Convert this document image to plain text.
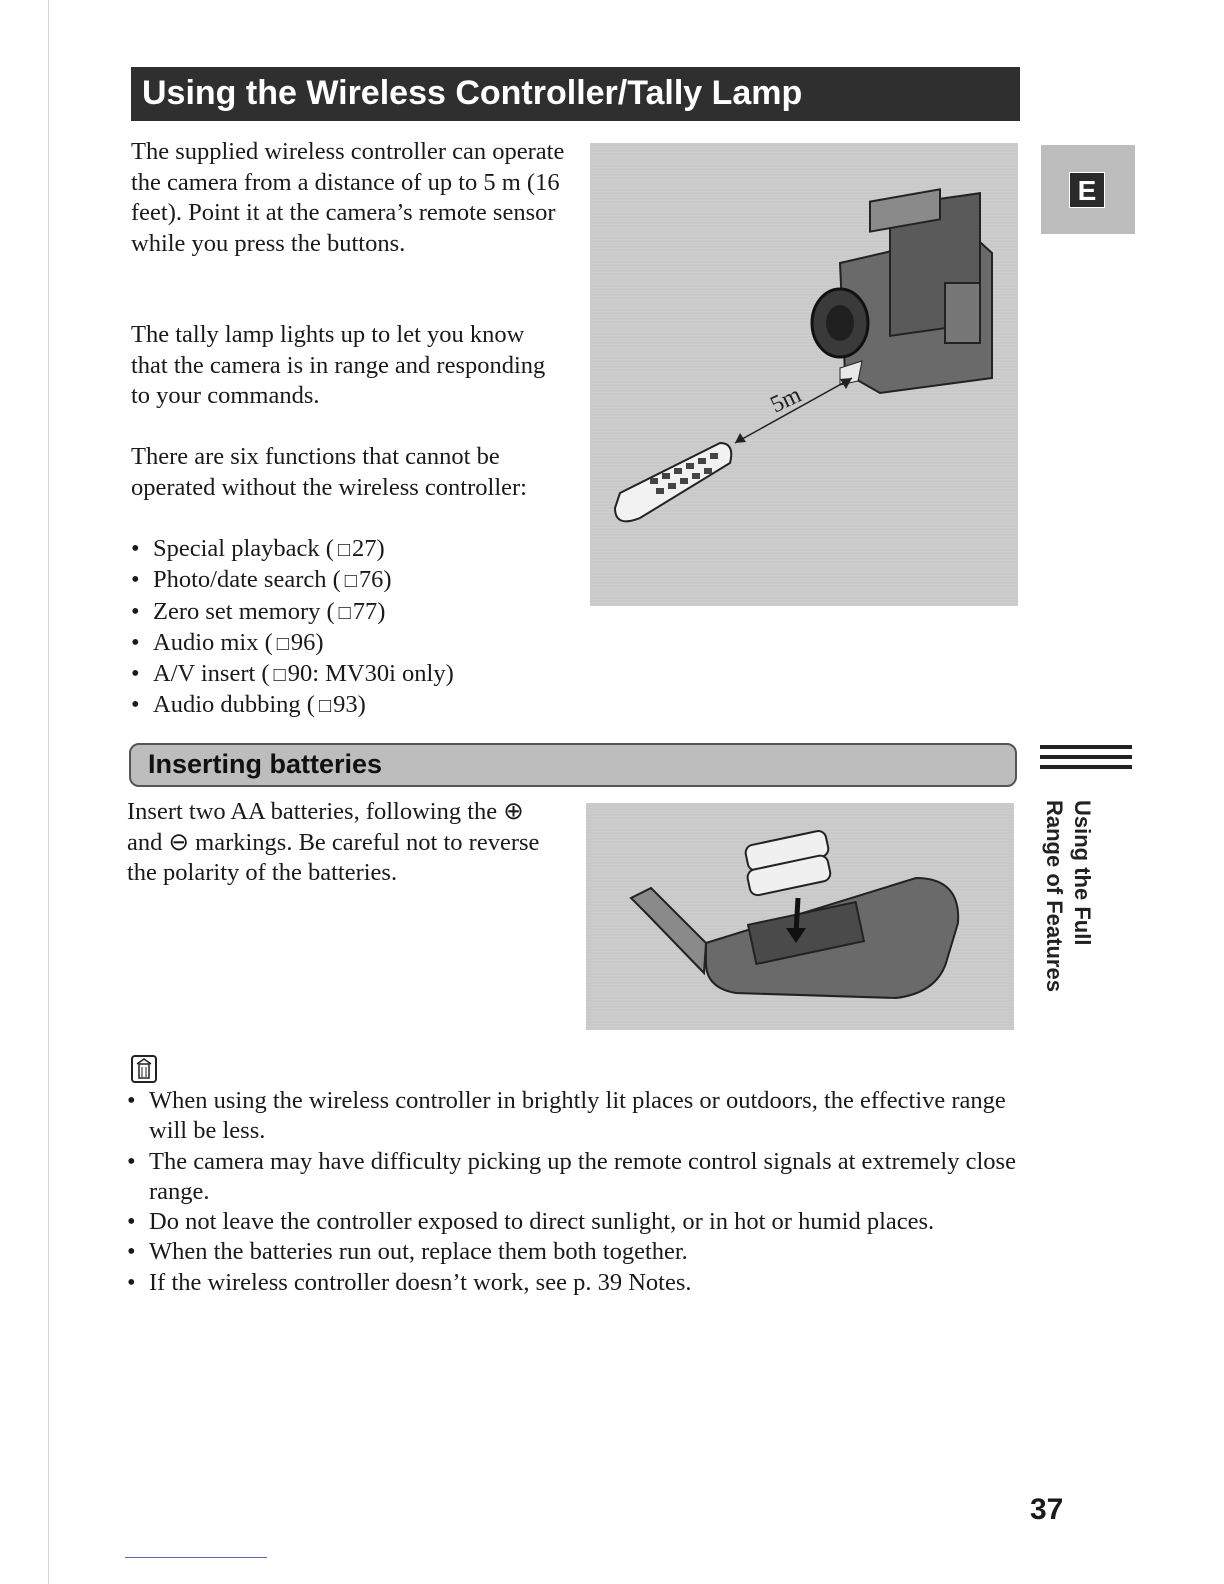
Using the Wireless Controller/Tally Lamp

The supplied wireless controller can operate the camera from a distance of up to 5 m (16 feet). Point it at the camera’s remote sensor while you press the buttons.

The tally lamp lights up to let you know that the camera is in range and responding to your commands.

There are six functions that cannot be operated without the wireless controller:

• Special playback ( □27)
• Photo/date search ( □76)
• Zero set memory ( □77)
• Audio mix ( □96)
• A/V insert ( □90: MV30i only)
• Audio dubbing ( □93)
5m
E
Inserting batteries
Using the Full Range of Features

Insert two AA batteries, following the ⊕ and ⊖ markings. Be careful not to reverse the polarity of the batteries.

• When using the wireless controller in brightly lit places or outdoors, the effective range will be less.
• The camera may have difficulty picking up the remote control signals at extremely close range.
• Do not leave the controller exposed to direct sunlight, or in hot or humid places.
• When the batteries run out, replace them both together.
• If the wireless controller doesn’t work, see p. 39 Notes.
37
